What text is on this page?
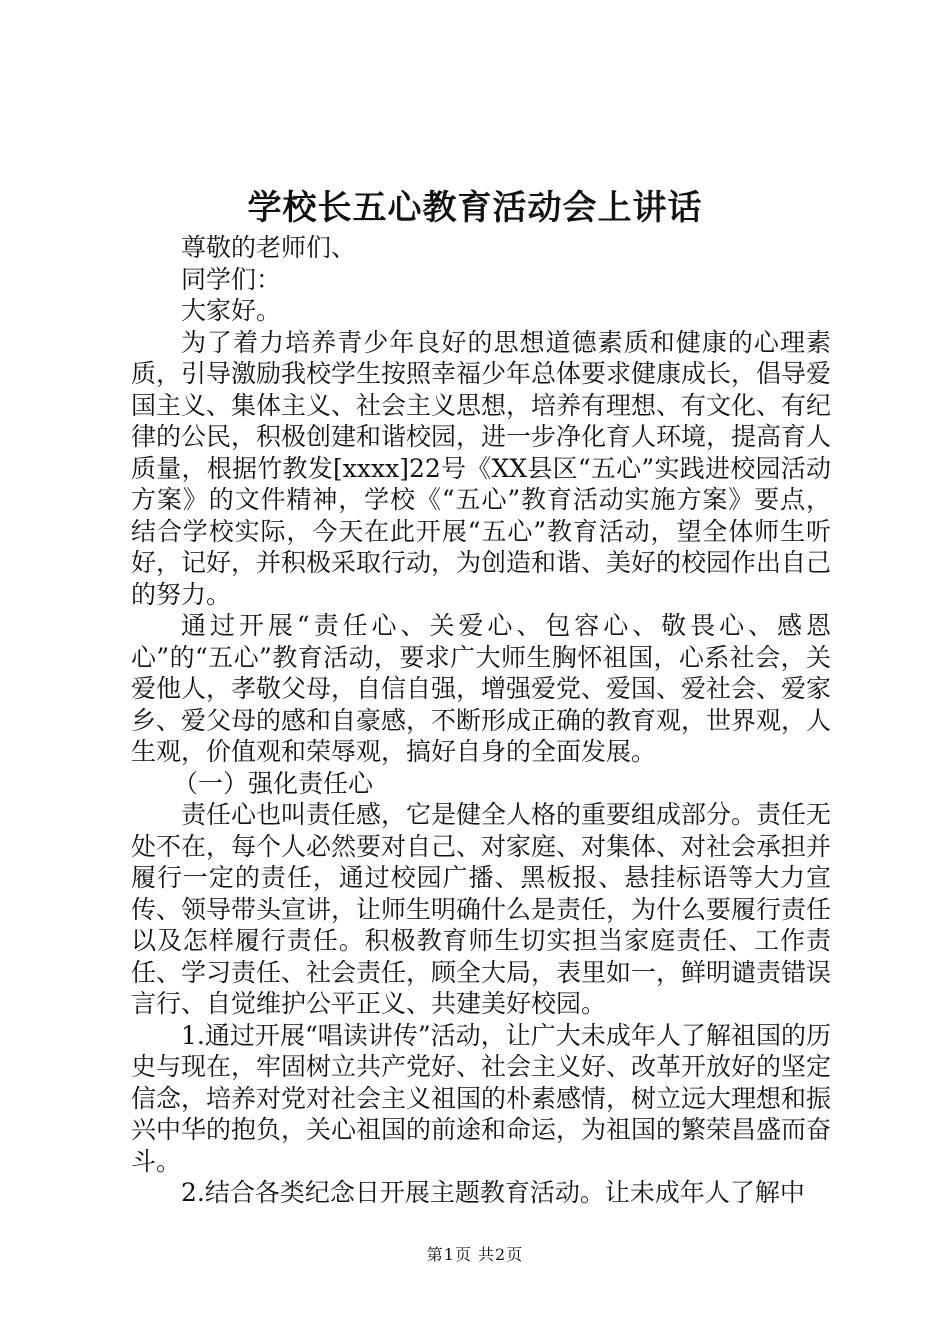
学校长五心教育活动会上讲话

尊敬的老师们、

同学们：

大家好。

为了着力培养青少年良好的思想道德素质和健康的心理素质，引导激励我校学生按照幸福少年总体要求健康成长，倡导爱国主义、集体主义、社会主义思想，培养有理想、有文化、有纪律的公民，积极创建和谐校园，进一步净化育人环境，提高育人质量，根据竹教发[xxxx]22号《XX县区“五心”实践进校园活动方案》的文件精神，学校《“五心”教育活动实施方案》要点，结合学校实际，今天在此开展“五心”教育活动，望全体师生听好，记好，并积极采取行动，为创造和谐、美好的校园作出自己的努力。

通过开展“责任心、关爱心、包容心、敬畏心、感恩心”的“五心”教育活动，要求广大师生胸怀祖国，心系社会，关爱他人，孝敬父母，自信自强，增强爱党、爱国、爱社会、爱家乡、爱父母的感和自豪感，不断形成正确的教育观，世界观，人生观，价值观和荣辱观，搞好自身的全面发展。

（一）强化责任心

责任心也叫责任感，它是健全人格的重要组成部分。责任无处不在，每个人必然要对自己、对家庭、对集体、对社会承担并履行一定的责任，通过校园广播、黑板报、悬挂标语等大力宣传、领导带头宣讲，让师生明确什么是责任，为什么要履行责任以及怎样履行责任。积极教育师生切实担当家庭责任、工作责任、学习责任、社会责任，顾全大局，表里如一，鲜明谴责错误言行、自觉维护公平正义、共建美好校园。

1.通过开展“唱读讲传”活动，让广大未成年人了解祖国的历史与现在，牢固树立共产党好、社会主义好、改革开放好的坚定信念，培养对党对社会主义祖国的朴素感情，树立远大理想和振兴中华的抱负，关心祖国的前途和命运，为祖国的繁荣昌盛而奋斗。

2.结合各类纪念日开展主题教育活动。让未成年人了解中

第1页 共2页
